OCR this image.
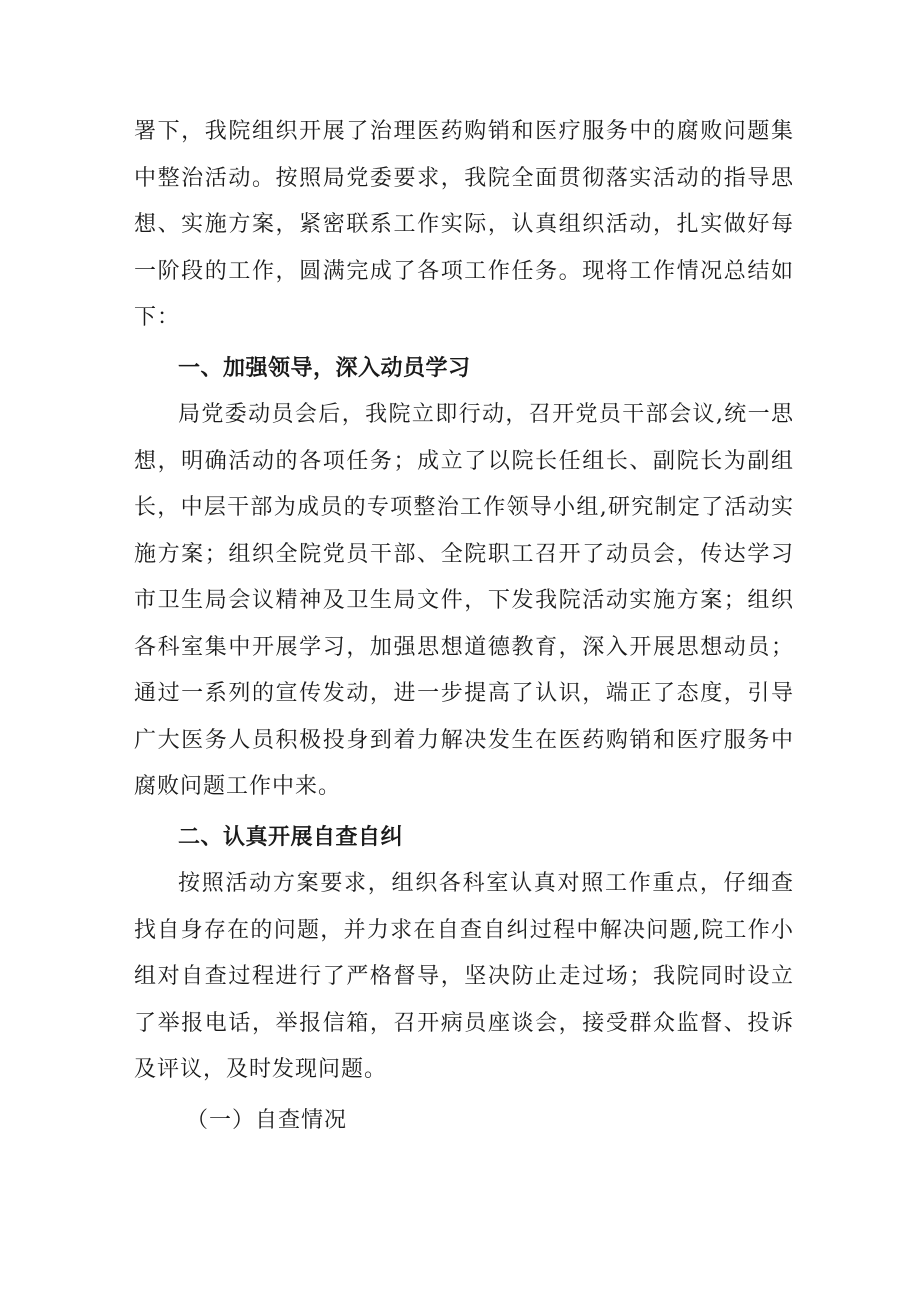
署下，我院组织开展了治理医药购销和医疗服务中的腐败问题集中整治活动。按照局党委要求，我院全面贯彻落实活动的指导思想、实施方案，紧密联系工作实际，认真组织活动，扎实做好每一阶段的工作，圆满完成了各项工作任务。现将工作情况总结如下：

一、加强领导，深入动员学习

局党委动员会后，我院立即行动，召开党员干部会议,统一思想，明确活动的各项任务；成立了以院长任组长、副院长为副组长，中层干部为成员的专项整治工作领导小组,研究制定了活动实施方案；组织全院党员干部、全院职工召开了动员会，传达学习市卫生局会议精神及卫生局文件，下发我院活动实施方案；组织各科室集中开展学习，加强思想道德教育，深入开展思想动员；通过一系列的宣传发动，进一步提高了认识，端正了态度，引导广大医务人员积极投身到着力解决发生在医药购销和医疗服务中腐败问题工作中来。

二、认真开展自查自纠

按照活动方案要求，组织各科室认真对照工作重点，仔细查找自身存在的问题，并力求在自查自纠过程中解决问题,院工作小组对自查过程进行了严格督导，坚决防止走过场；我院同时设立了举报电话，举报信箱，召开病员座谈会，接受群众监督、投诉及评议，及时发现问题。

（一）自查情况
